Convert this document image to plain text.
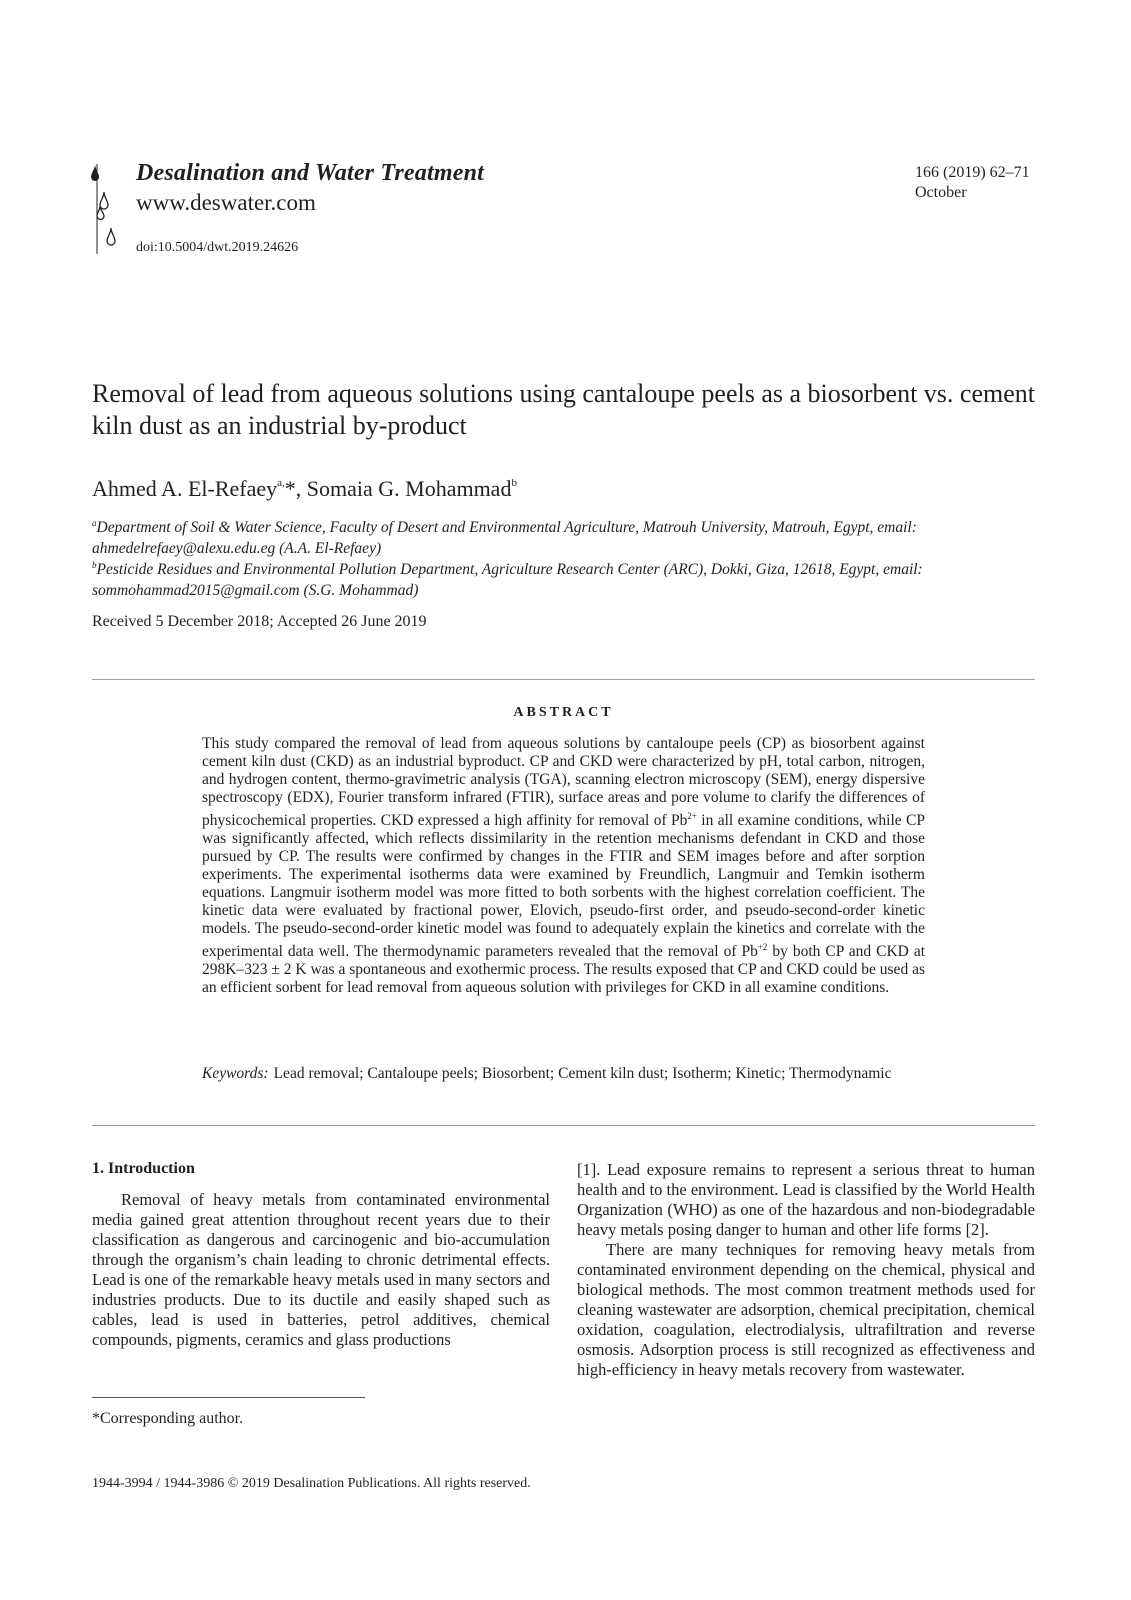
Desalination and Water Treatment
www.deswater.com
doi:10.5004/dwt.2019.24626
166 (2019) 62–71
October
Removal of lead from aqueous solutions using cantaloupe peels as a biosorbent vs. cement kiln dust as an industrial by-product
Ahmed A. El-Refaey$^{a,}$*, Somaia G. Mohammad$^b$
$^a$Department of Soil & Water Science, Faculty of Desert and Environmental Agriculture, Matrouh University, Matrouh, Egypt, email: ahmedelrefaey@alexu.edu.eg (A.A. El-Refaey)
$^b$Pesticide Residues and Environmental Pollution Department, Agriculture Research Center (ARC), Dokki, Giza, 12618, Egypt, email: sommohammad2015@gmail.com (S.G. Mohammad)
Received 5 December 2018; Accepted 26 June 2019
ABSTRACT
This study compared the removal of lead from aqueous solutions by cantaloupe peels (CP) as biosorbent against cement kiln dust (CKD) as an industrial byproduct. CP and CKD were characterized by pH, total carbon, nitrogen, and hydrogen content, thermo-gravimetric analysis (TGA), scanning electron microscopy (SEM), energy dispersive spectroscopy (EDX), Fourier transform infrared (FTIR), surface areas and pore volume to clarify the differences of physicochemical properties. CKD expressed a high affinity for removal of $Pb^{2+}$ in all examine conditions, while CP was significantly affected, which reflects dissimilarity in the retention mechanisms defendant in CKD and those pursued by CP. The results were confirmed by changes in the FTIR and SEM images before and after sorption experiments. The experimental isotherms data were examined by Freundlich, Langmuir and Temkin isotherm equations. Langmuir isotherm model was more fitted to both sorbents with the highest correlation coefficient. The kinetic data were evaluated by fractional power, Elovich, pseudo-first order, and pseudo-second-order kinetic models. The pseudo-second-order kinetic model was found to adequately explain the kinetics and correlate with the experimental data well. The thermodynamic parameters revealed that the removal of $Pb^{+2}$ by both CP and CKD at 298K–323 ± 2 K was a spontaneous and exothermic process. The results exposed that CP and CKD could be used as an efficient sorbent for lead removal from aqueous solution with privileges for CKD in all examine conditions.
Keywords: Lead removal; Cantaloupe peels; Biosorbent; Cement kiln dust; Isotherm; Kinetic; Thermodynamic
1. Introduction

Removal of heavy metals from contaminated environmental media gained great attention throughout recent years due to their classification as dangerous and carcinogenic and bio-accumulation through the organism’s chain leading to chronic detrimental effects. Lead is one of the remarkable heavy metals used in many sectors and industries products. Due to its ductile and easily shaped such as cables, lead is used in batteries, petrol additives, chemical compounds, pigments, ceramics and glass productions

[1]. Lead exposure remains to represent a serious threat to human health and to the environment. Lead is classified by the World Health Organization (WHO) as one of the hazardous and non-biodegradable heavy metals posing danger to human and other life forms [2].

There are many techniques for removing heavy metals from contaminated environment depending on the chemical, physical and biological methods. The most common treatment methods used for cleaning wastewater are adsorption, chemical precipitation, chemical oxidation, coagulation, electrodialysis, ultrafiltration and reverse osmosis. Adsorption process is still recognized as effectiveness and high-efficiency in heavy metals recovery from wastewater.

*Corresponding author.
1944-3994 / 1944-3986 © 2019 Desalination Publications. All rights reserved.
